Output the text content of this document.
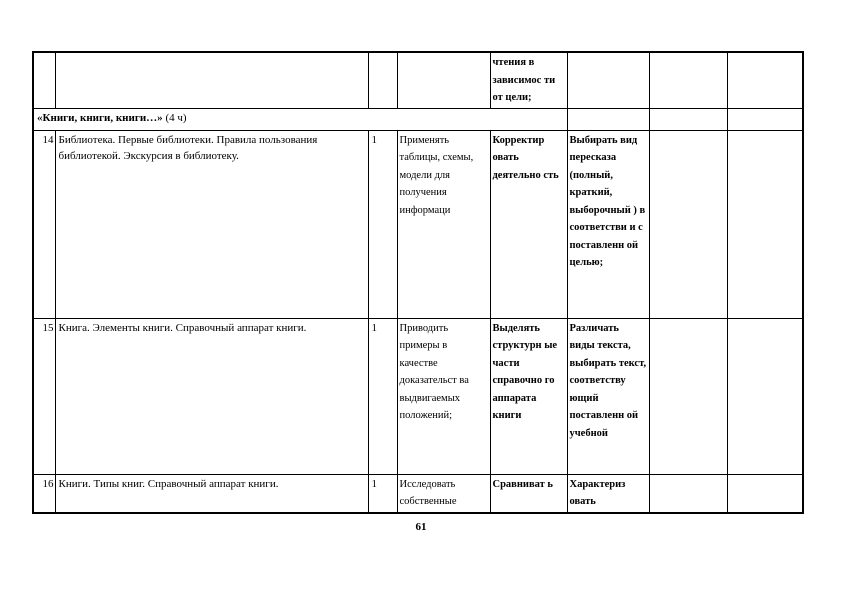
				чтения в зависимос ти от цели;			
«Книги, книги, книги…» (4 ч)							
14	Библиотека. Первые библиотеки. Правила пользования библиотекой. Экскурсия в библиотеку.	1	Применять таблицы, схемы, модели для получения информаци	Корректир овать деятельно сть	Выбирать вид пересказа (полный, краткий, выборочный ) в соответстви и с поставленн ой целью;		
15	Книга. Элементы книги. Справочный аппарат книги.	1	Приводить примеры в качестве доказательст ва выдвигаемых положений;	Выделять структурн ые части справочно го аппарата книги	Различать виды текста, выбирать текст, соответству ющий поставленн ой учебной		
16	Книги. Типы книг. Справочный аппарат книги.	1	Исследовать собственные	Сравниват ь	Характериз овать		
61
